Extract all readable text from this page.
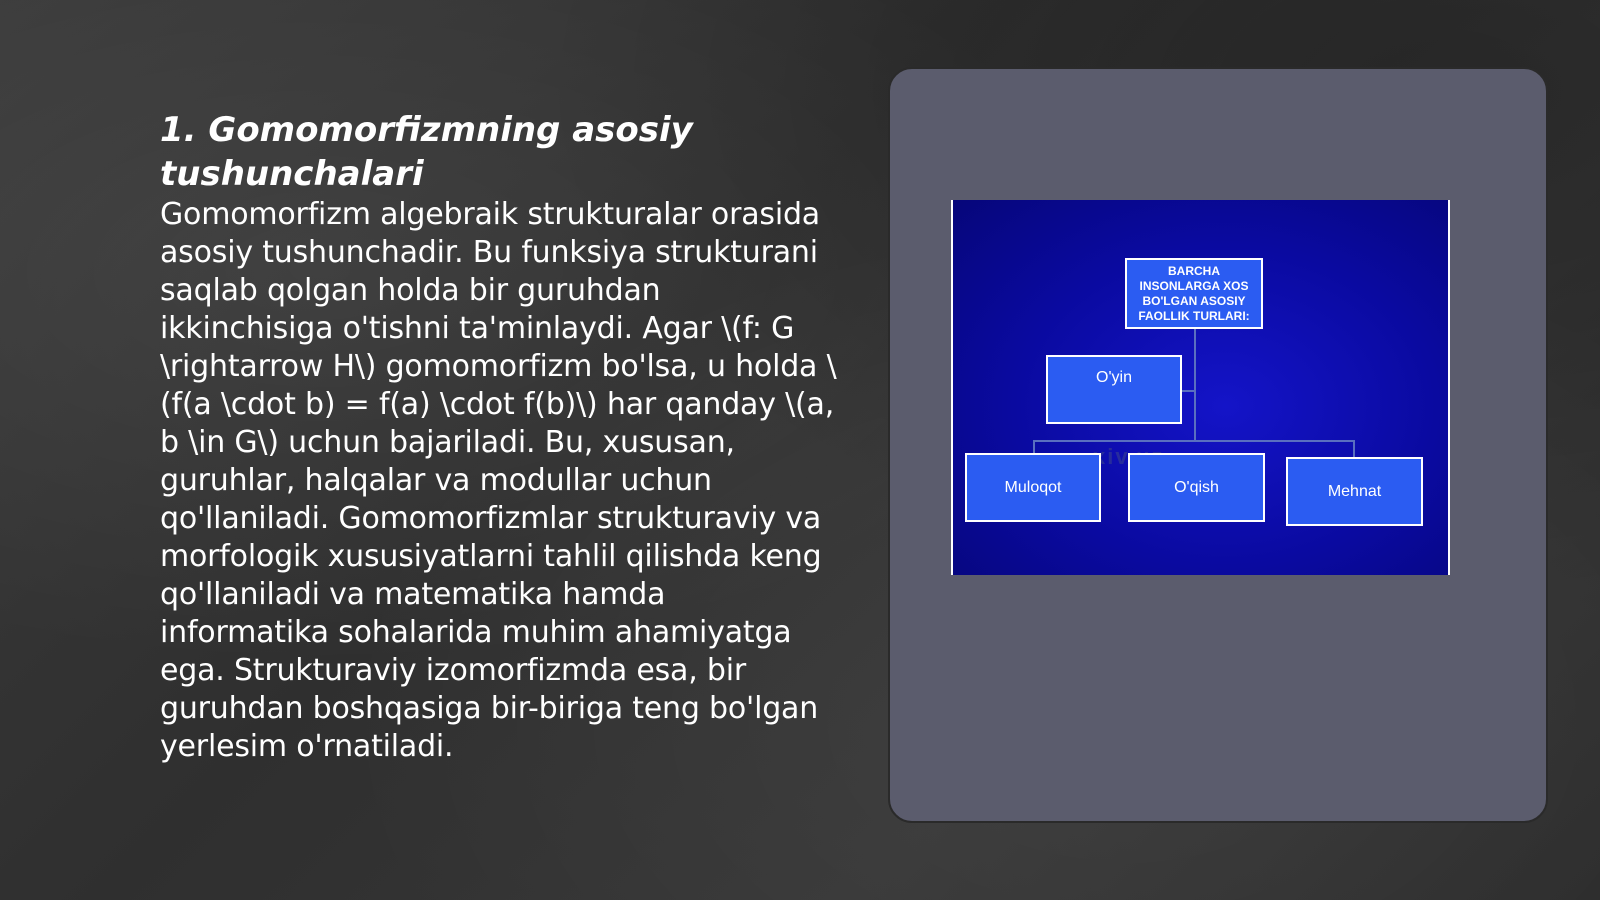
1. Gomomorfizmning asosiy tushunchalari

Gomomorfizm algebraik strukturalar orasida asosiy tushunchadir. Bu funksiya strukturani saqlab qolgan holda bir guruhdan ikkinchisiga o'tishni ta'minlaydi. Agar \(f: G \rightarrow H\) gomomorfizm bo'lsa, u holda \(f(a \cdot b) = f(a) \cdot f(b)\) har qanday \(a, b \in G\) uchun bajariladi. Bu, xususan, guruhlar, halqalar va modullar uchun qo'llaniladi. Gomomorfizmlar strukturaviy va morfologik xususiyatlarni tahlil qilishda keng qo'llaniladi va matematika hamda informatika sohalarida muhim ahamiyatga ega. Strukturaviy izomorfizmda esa, bir guruhdan boshqasiga bir-biriga teng bo'lgan yerlesim o'rnatiladi.

BARCHA INSONLARGA XOS BO'LGAN ASOSIY FAOLLIK TURLARI:
O'yin
Muloqot	O'qish	Mehnat
